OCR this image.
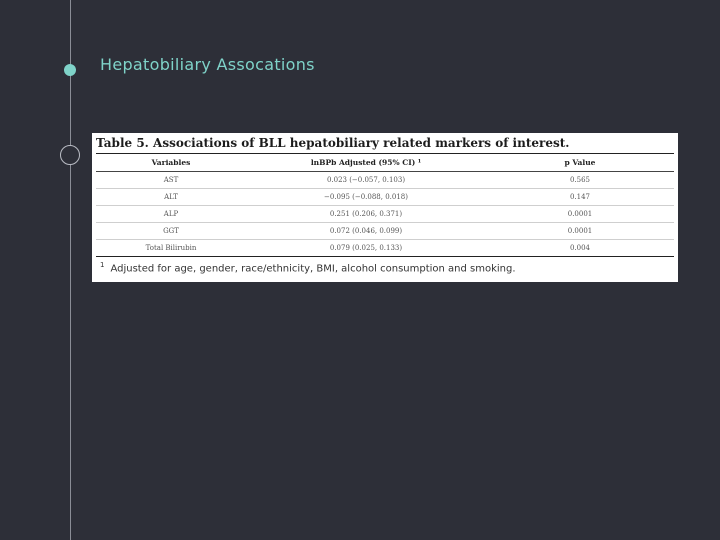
Hepatobiliary Assocations
Table 5. Associations of BLL hepatobiliary related markers of interest.
Variables	lnBPb Adjusted (95% CI) ¹	p Value
AST	0.023 (−0.057, 0.103)	0.565
ALT	−0.095 (−0.088, 0.018)	0.147
ALP	0.251 (0.206, 0.371)	0.0001
GGT	0.072 (0.046, 0.099)	0.0001
Total Bilirubin	0.079 (0.025, 0.133)	0.004
$^1$ Adjusted for age, gender, race/ethnicity, BMI, alcohol consumption and smoking.
